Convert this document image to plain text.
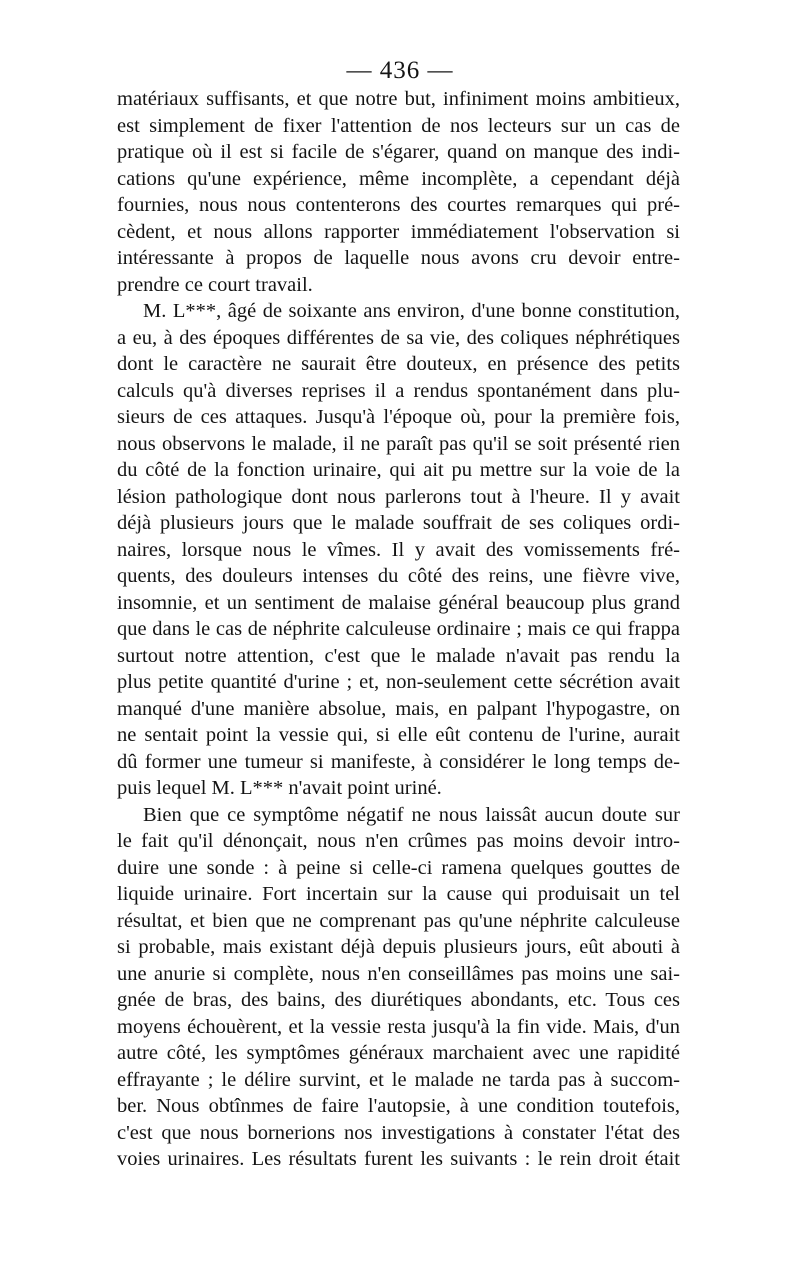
— 436 —
matériaux suffisants, et que notre but, infiniment moins ambitieux,
est simplement de fixer l'attention de nos lecteurs sur un cas de
pratique où il est si facile de s'égarer, quand on manque des indi-
cations qu'une expérience, même incomplète, a cependant déjà
fournies, nous nous contenterons des courtes remarques qui pré-
cèdent, et nous allons rapporter immédiatement l'observation si
intéressante à propos de laquelle nous avons cru devoir entre-
prendre ce court travail.
M. L***, âgé de soixante ans environ, d'une bonne constitution,
a eu, à des époques différentes de sa vie, des coliques néphrétiques
dont le caractère ne saurait être douteux, en présence des petits
calculs qu'à diverses reprises il a rendus spontanément dans plu-
sieurs de ces attaques. Jusqu'à l'époque où, pour la première fois,
nous observons le malade, il ne paraît pas qu'il se soit présenté rien
du côté de la fonction urinaire, qui ait pu mettre sur la voie de la
lésion pathologique dont nous parlerons tout à l'heure. Il y avait
déjà plusieurs jours que le malade souffrait de ses coliques ordi-
naires, lorsque nous le vîmes. Il y avait des vomissements fré-
quents, des douleurs intenses du côté des reins, une fièvre vive,
insomnie, et un sentiment de malaise général beaucoup plus grand
que dans le cas de néphrite calculeuse ordinaire ; mais ce qui frappa
surtout notre attention, c'est que le malade n'avait pas rendu la
plus petite quantité d'urine ; et, non-seulement cette sécrétion avait
manqué d'une manière absolue, mais, en palpant l'hypogastre, on
ne sentait point la vessie qui, si elle eût contenu de l'urine, aurait
dû former une tumeur si manifeste, à considérer le long temps de-
puis lequel M. L*** n'avait point uriné.
Bien que ce symptôme négatif ne nous laissât aucun doute sur
le fait qu'il dénonçait, nous n'en crûmes pas moins devoir intro-
duire une sonde : à peine si celle-ci ramena quelques gouttes de
liquide urinaire. Fort incertain sur la cause qui produisait un tel
résultat, et bien que ne comprenant pas qu'une néphrite calculeuse
si probable, mais existant déjà depuis plusieurs jours, eût abouti à
une anurie si complète, nous n'en conseillâmes pas moins une sai-
gnée de bras, des bains, des diurétiques abondants, etc. Tous ces
moyens échouèrent, et la vessie resta jusqu'à la fin vide. Mais, d'un
autre côté, les symptômes généraux marchaient avec une rapidité
effrayante ; le délire survint, et le malade ne tarda pas à succom-
ber. Nous obtînmes de faire l'autopsie, à une condition toutefois,
c'est que nous bornerions nos investigations à constater l'état des
voies urinaires. Les résultats furent les suivants : le rein droit était
